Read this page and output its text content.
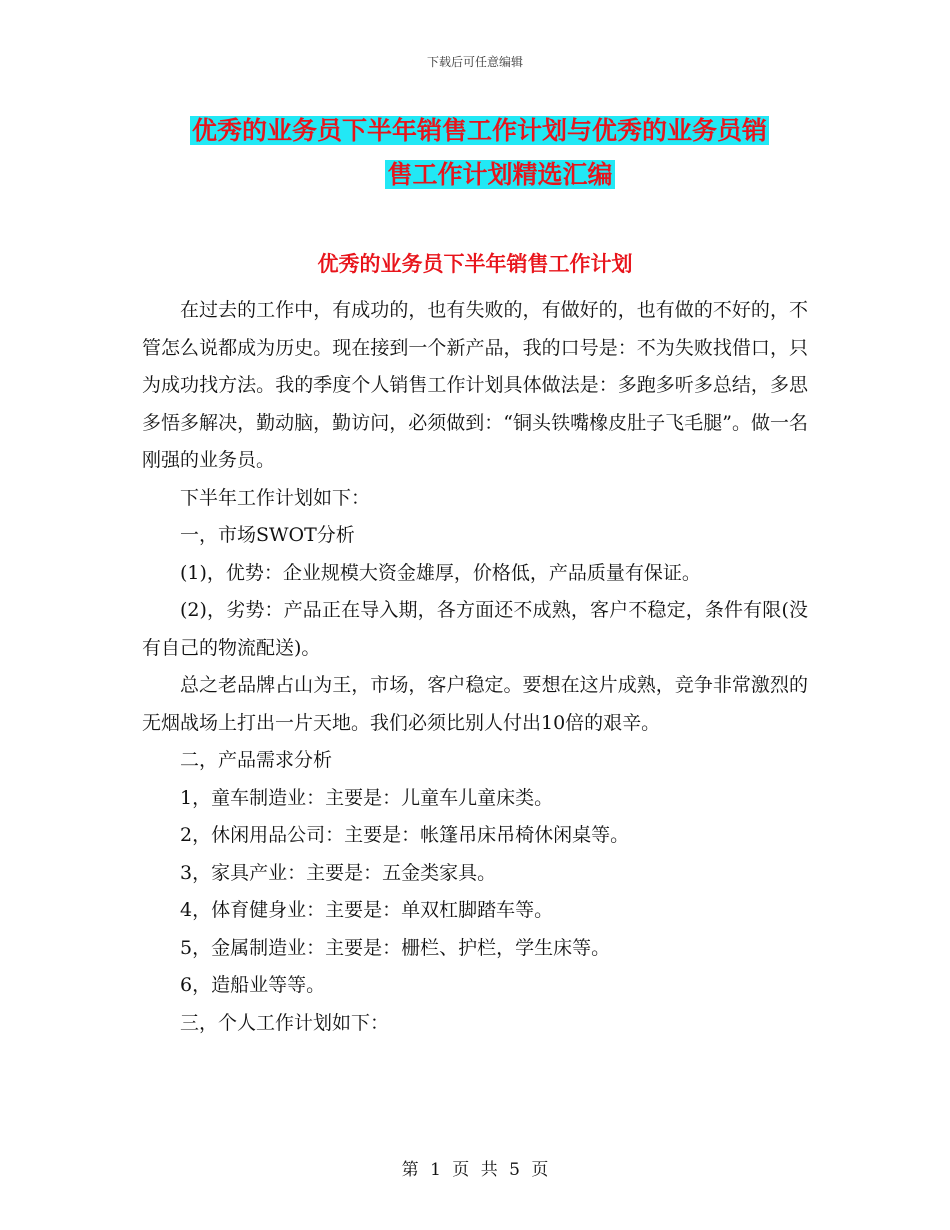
下载后可任意编辑
优秀的业务员下半年销售工作计划与优秀的业务员销
售工作计划精选汇编
优秀的业务员下半年销售工作计划

在过去的工作中，有成功的，也有失败的，有做好的，也有做的不好的，不管怎么说都成为历史。现在接到一个新产品，我的口号是：不为失败找借口，只为成功找方法。我的季度个人销售工作计划具体做法是：多跑多听多总结，多思多悟多解决，勤动脑，勤访问，必须做到：“铜头铁嘴橡皮肚子飞毛腿”。做一名刚强的业务员。

下半年工作计划如下：

一，市场SWOT分析

(1)，优势：企业规模大资金雄厚，价格低，产品质量有保证。

(2)，劣势：产品正在导入期，各方面还不成熟，客户不稳定，条件有限(没有自己的物流配送)。

总之老品牌占山为王，市场，客户稳定。要想在这片成熟，竞争非常激烈的无烟战场上打出一片天地。我们必须比别人付出10倍的艰辛。

二，产品需求分析

1，童车制造业：主要是：儿童车儿童床类。

2，休闲用品公司：主要是：帐篷吊床吊椅休闲桌等。

3，家具产业：主要是：五金类家具。

4，体育健身业：主要是：单双杠脚踏车等。

5，金属制造业：主要是：栅栏、护栏，学生床等。

6，造船业等等。

三，个人工作计划如下：

第 1 页 共 5 页
